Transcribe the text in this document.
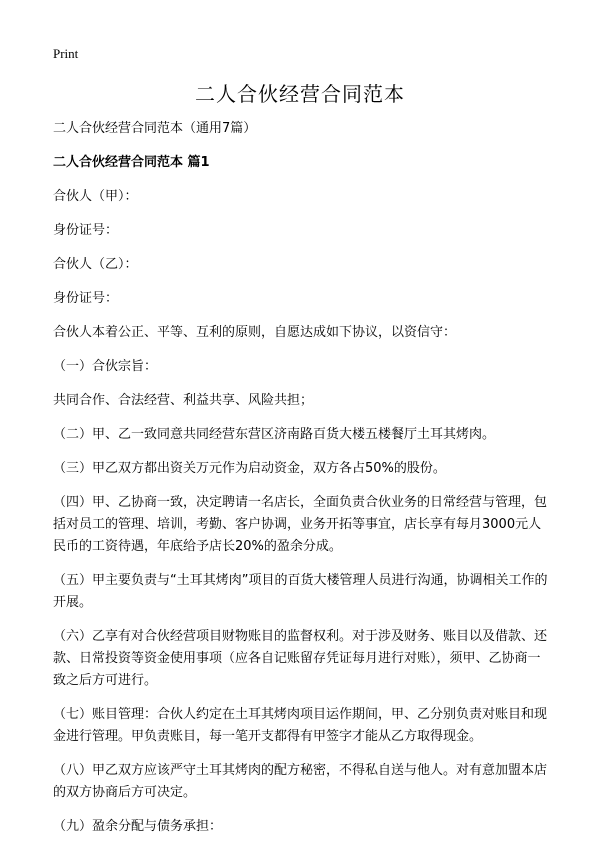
Print
二人合伙经营合同范本

二人合伙经营合同范本（通用7篇）

二人合伙经营合同范本 篇1

合伙人（甲）：

身份证号：

合伙人（乙）：

身份证号：

合伙人本着公正、平等、互利的原则，自愿达成如下协议，以资信守：

（一）合伙宗旨：

共同合作、合法经营、利益共享、风险共担；

（二）甲、乙一致同意共同经营东营区济南路百货大楼五楼餐厅土耳其烤肉。

（三）甲乙双方都出资关万元作为启动资金，双方各占50%的股份。

（四）甲、乙协商一致，决定聘请一名店长，全面负责合伙业务的日常经营与管理，包括对员工的管理、培训，考勤、客户协调，业务开拓等事宜，店长享有每月3000元人民币的工资待遇，年底给予店长20%的盈余分成。

（五）甲主要负责与“土耳其烤肉”项目的百货大楼管理人员进行沟通，协调相关工作的开展。

（六）乙享有对合伙经营项目财物账目的监督权利。对于涉及财务、账目以及借款、还款、日常投资等资金使用事项（应各自记账留存凭证每月进行对账），须甲、乙协商一致之后方可进行。

（七）账目管理：合伙人约定在土耳其烤肉项目运作期间，甲、乙分别负责对账目和现金进行管理。甲负责账目，每一笔开支都得有甲签字才能从乙方取得现金。

（八）甲乙双方应该严守土耳其烤肉的配方秘密，不得私自送与他人。对有意加盟本店的双方协商后方可决定。

（九）盈余分配与债务承担：
